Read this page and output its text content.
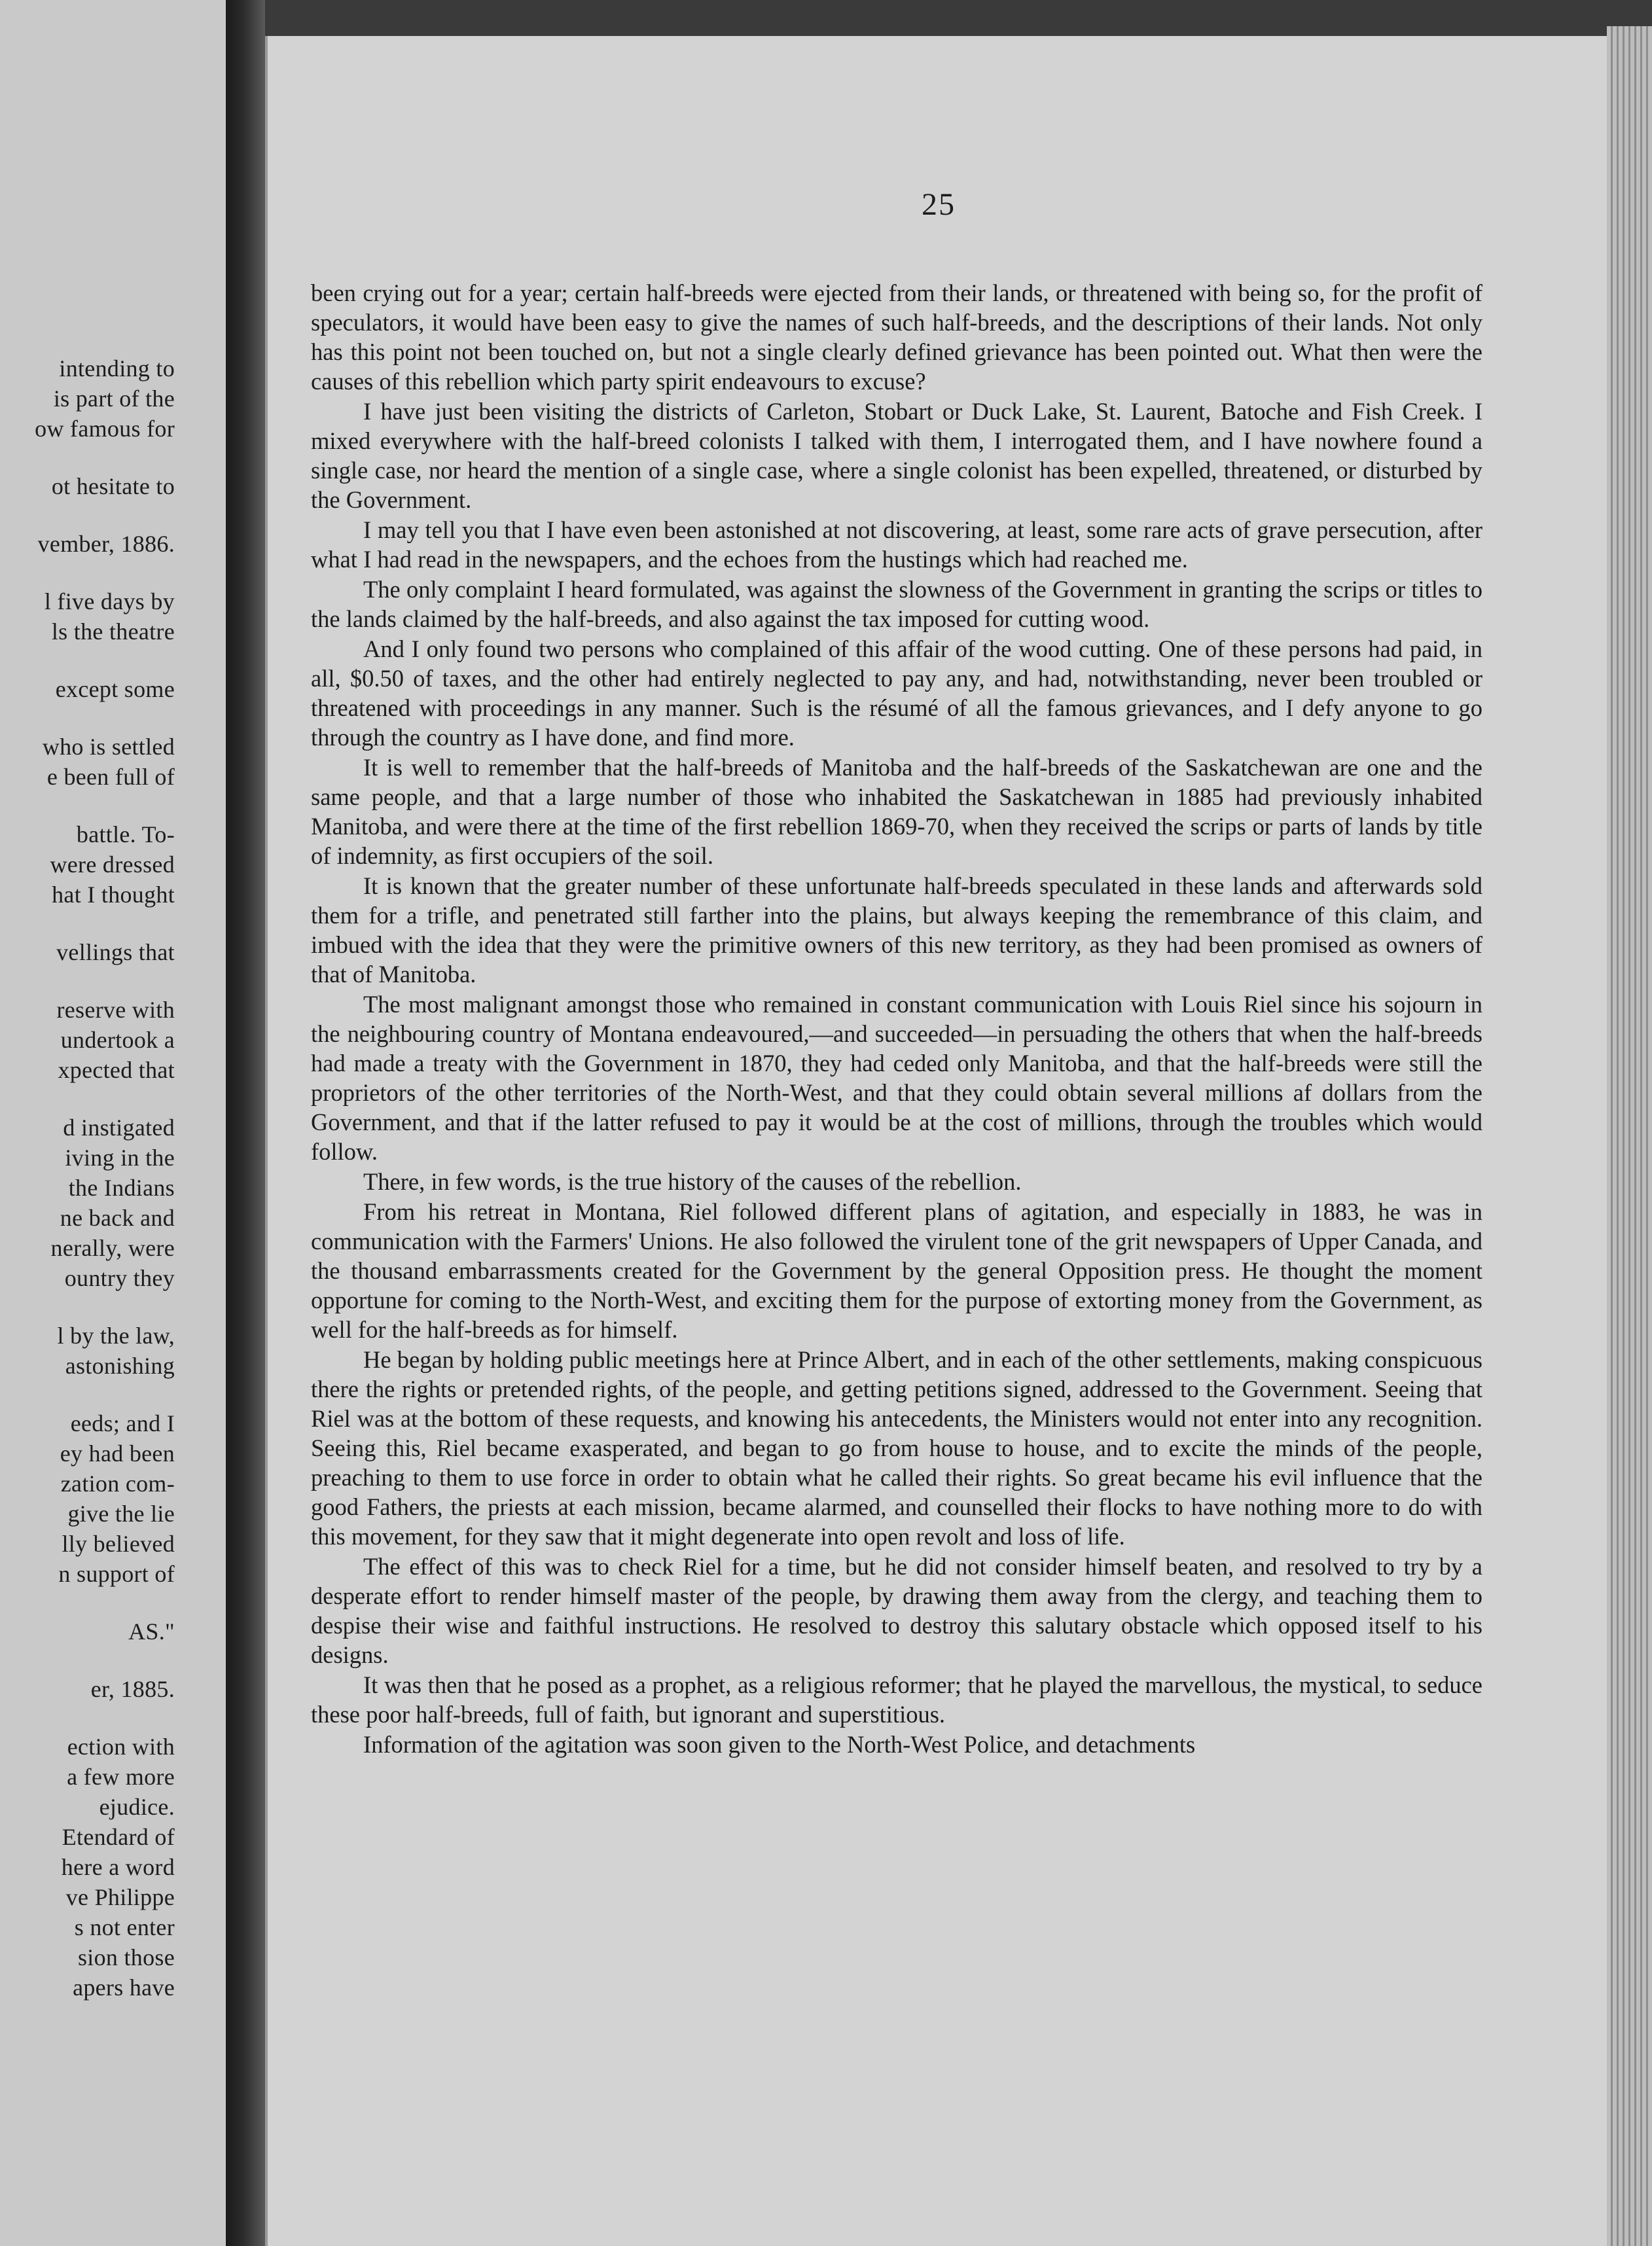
intending to
is part of the
ow famous for
ot hesitate to
vember, 1886.
l five days by
ls the theatre
except some
who is settled
e been full of
battle. To-
were dressed
hat I thought
vellings that
reserve with
undertook a
xpected that
d instigated
iving in the
the Indians
ne back and
nerally, were
ountry they
l by the law,
astonishing
eeds; and I
ey had been
zation com-
give the lie
lly believed
n support of
AS."
er, 1885.
ection with
a few more
ejudice.
Etendard of
here a word
ve Philippe
s not enter
sion those
apers have
25

been crying out for a year; certain half-breeds were ejected from their lands, or threatened with being so, for the profit of speculators, it would have been easy to give the names of such half-breeds, and the descriptions of their lands. Not only has this point not been touched on, but not a single clearly defined grievance has been pointed out. What then were the causes of this rebellion which party spirit endeavours to excuse?

I have just been visiting the districts of Carleton, Stobart or Duck Lake, St. Laurent, Batoche and Fish Creek. I mixed everywhere with the half-breed colonists I talked with them, I interrogated them, and I have nowhere found a single case, nor heard the mention of a single case, where a single colonist has been expelled, threatened, or disturbed by the Government.

I may tell you that I have even been astonished at not discovering, at least, some rare acts of grave persecution, after what I had read in the newspapers, and the echoes from the hustings which had reached me.

The only complaint I heard formulated, was against the slowness of the Government in granting the scrips or titles to the lands claimed by the half-breeds, and also against the tax imposed for cutting wood.

And I only found two persons who complained of this affair of the wood cutting. One of these persons had paid, in all, $0.50 of taxes, and the other had entirely neglected to pay any, and had, notwithstanding, never been troubled or threatened with proceedings in any manner. Such is the résumé of all the famous grievances, and I defy anyone to go through the country as I have done, and find more.

It is well to remember that the half-breeds of Manitoba and the half-breeds of the Saskatchewan are one and the same people, and that a large number of those who inhabited the Saskatchewan in 1885 had previously inhabited Manitoba, and were there at the time of the first rebellion 1869-70, when they received the scrips or parts of lands by title of indemnity, as first occupiers of the soil.

It is known that the greater number of these unfortunate half-breeds speculated in these lands and afterwards sold them for a trifle, and penetrated still farther into the plains, but always keeping the remembrance of this claim, and imbued with the idea that they were the primitive owners of this new territory, as they had been promised as owners of that of Manitoba.

The most malignant amongst those who remained in constant communication with Louis Riel since his sojourn in the neighbouring country of Montana endeavoured,—and succeeded—in persuading the others that when the half-breeds had made a treaty with the Government in 1870, they had ceded only Manitoba, and that the half-breeds were still the proprietors of the other territories of the North-West, and that they could obtain several millions af dollars from the Government, and that if the latter refused to pay it would be at the cost of millions, through the troubles which would follow.

There, in few words, is the true history of the causes of the rebellion.

From his retreat in Montana, Riel followed different plans of agitation, and especially in 1883, he was in communication with the Farmers' Unions. He also followed the virulent tone of the grit newspapers of Upper Canada, and the thousand embarrassments created for the Government by the general Opposition press. He thought the moment opportune for coming to the North-West, and exciting them for the purpose of extorting money from the Government, as well for the half-breeds as for himself.

He began by holding public meetings here at Prince Albert, and in each of the other settlements, making conspicuous there the rights or pretended rights, of the people, and getting petitions signed, addressed to the Government. Seeing that Riel was at the bottom of these requests, and knowing his antecedents, the Ministers would not enter into any recognition. Seeing this, Riel became exasperated, and began to go from house to house, and to excite the minds of the people, preaching to them to use force in order to obtain what he called their rights. So great became his evil influence that the good Fathers, the priests at each mission, became alarmed, and counselled their flocks to have nothing more to do with this movement, for they saw that it might degenerate into open revolt and loss of life.

The effect of this was to check Riel for a time, but he did not consider himself beaten, and resolved to try by a desperate effort to render himself master of the people, by drawing them away from the clergy, and teaching them to despise their wise and faithful instructions. He resolved to destroy this salutary obstacle which opposed itself to his designs.

It was then that he posed as a prophet, as a religious reformer; that he played the marvellous, the mystical, to seduce these poor half-breeds, full of faith, but ignorant and superstitious.

Information of the agitation was soon given to the North-West Police, and detachments
